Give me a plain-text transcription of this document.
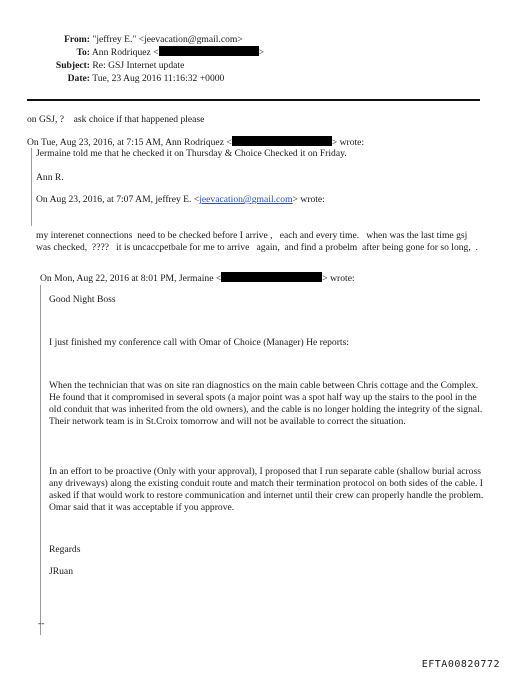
From: "jeffrey E." <jeevacation@gmail.com>
To: Ann Rodriquez <	>
Subject: Re: GSJ Internet update
Date: Tue, 23 Aug 2016 11:16:32 +0000
on GSJ, ?    ask choice if that happened please
On Tue, Aug 23, 2016, at 7:15 AM, Ann Rodriquez <	> wrote:
Jermaine told me that he checked it on Thursday & Choice Checked it on Friday.
Ann R.
On Aug 23, 2016, at 7:07 AM, jeffrey E. <jeevacation@gmail.com> wrote:
my interenet connections  need to be checked before I arrive ,   each and every time.   when was the last time gsj was checked,  ????   it is uncaccpetbale for me to arrive   again,  and find a probelm  after being gone for so long,  .
On Mon, Aug 22, 2016 at 8:01 PM, Jermaine <	> wrote:
Good Night Boss
I just finished my conference call with Omar of Choice (Manager) He reports:
When the technician that was on site ran diagnostics on the main cable between Chris cottage and the Complex. He found that it compromised in several spots (a major point was a spot half way up the stairs to the pool in the old conduit that was inherited from the old owners), and the cable is no longer holding the integrity of the signal. Their network team is in St.Croix tomorrow and will not be available to correct the situation.
In an effort to be proactive (Only with your approval), I proposed that I run separate cable (shallow burial across any driveways) along the existing conduit route and match their termination protocol on both sides of the cable. I asked if that would work to restore communication and internet until their crew can properly handle the problem. Omar said that it was acceptable if you approve.
Regards
JRuan
--
EFTA00820772
